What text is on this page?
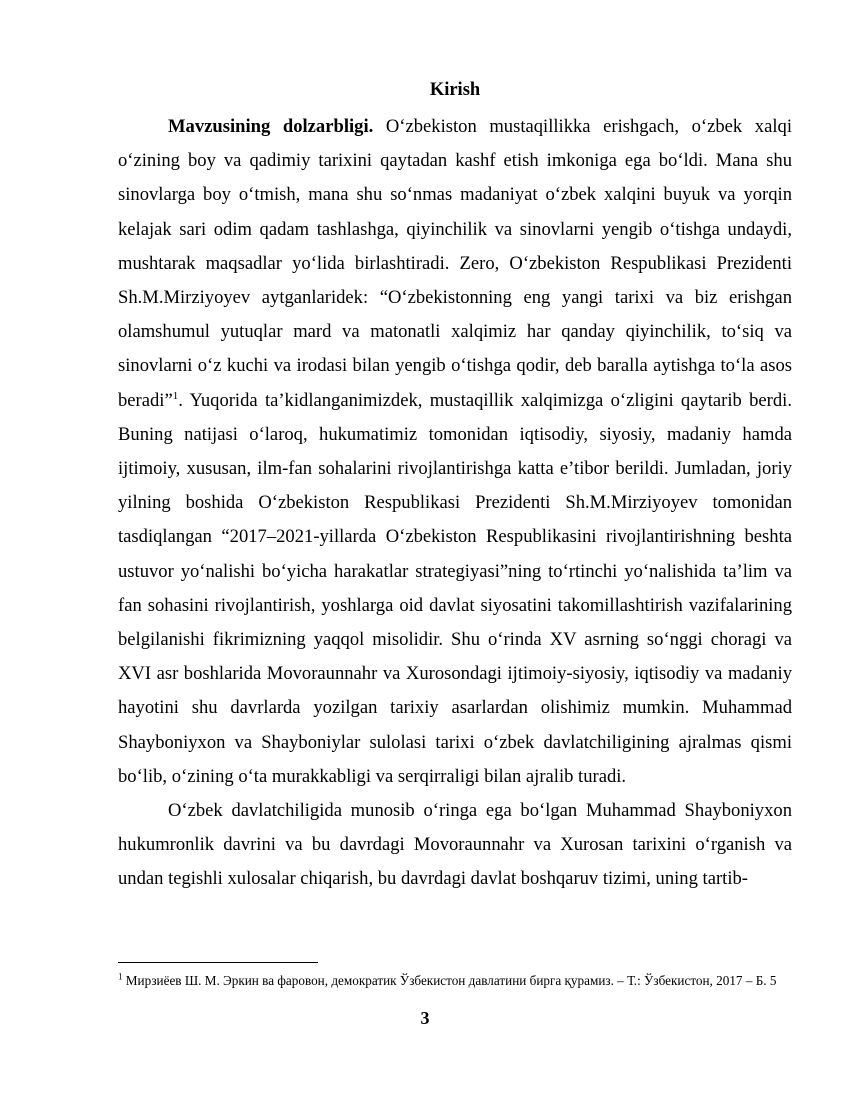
Kirish

Mavzusining dolzarbligi. O‘zbekiston mustaqillikka erishgach, o‘zbek xalqi o‘zining boy va qadimiy tarixini qaytadan kashf etish imkoniga ega bo‘ldi. Mana shu sinovlarga boy o‘tmish, mana shu so‘nmas madaniyat o‘zbek xalqini buyuk va yorqin kelajak sari odim qadam tashlashga, qiyinchilik va sinovlarni yengib o‘tishga undaydi, mushtarak maqsadlar yo‘lida birlashtiradi. Zero, O‘zbekiston Respublikasi Prezidenti Sh.M.Mirziyoyev aytganlaridek: “O‘zbekistonning eng yangi tarixi va biz erishgan olamshumul yutuqlar mard va matonatli xalqimiz har qanday qiyinchilik, to‘siq va sinovlarni o‘z kuchi va irodasi bilan yengib o‘tishga qodir, deb baralla aytishga to‘la asos beradi”$^1$. Yuqorida ta’kidlanganimizdek, mustaqillik xalqimizga o‘zligini qaytarib berdi. Buning natijasi o‘laroq, hukumatimiz tomonidan iqtisodiy, siyosiy, madaniy hamda ijtimoiy, xususan, ilm-fan sohalarini rivojlantirishga katta e’tibor berildi. Jumladan, joriy yilning boshida O‘zbekiston Respublikasi Prezidenti Sh.M.Mirziyoyev tomonidan tasdiqlangan “2017–2021-yillarda O‘zbekiston Respublikasini rivojlantirishning beshta ustuvor yo‘nalishi bo‘yicha harakatlar strategiyasi”ning to‘rtinchi yo‘nalishida ta’lim va fan sohasini rivojlantirish, yoshlarga oid davlat siyosatini takomillashtirish vazifalarining belgilanishi fikrimizning yaqqol misolidir. Shu o‘rinda XV asrning so‘nggi choragi va XVI asr boshlarida Movoraunnahr va Xurosondagi ijtimoiy-siyosiy, iqtisodiy va madaniy hayotini shu davrlarda yozilgan tarixiy asarlardan olishimiz mumkin. Muhammad Shayboniyxon va Shayboniylar sulolasi tarixi o‘zbek davlatchiligining ajralmas qismi bo‘lib, o‘zining o‘ta murakkabligi va serqirraligi bilan ajralib turadi.

O‘zbek davlatchiligida munosib o‘ringa ega bo‘lgan Muhammad Shayboniyxon hukumronlik davrini va bu davrdagi Movoraunnahr va Xurosan tarixini o‘rganish va undan tegishli xulosalar chiqarish, bu davrdagi davlat boshqaruv tizimi, uning tartib-

$^1$ Мирзиёев Ш. М. Эркин ва фаровон, демократик Ўзбекистон давлатини бирга қурамиз. – Т.: Ўзбекистон, 2017 – Б. 5
3
